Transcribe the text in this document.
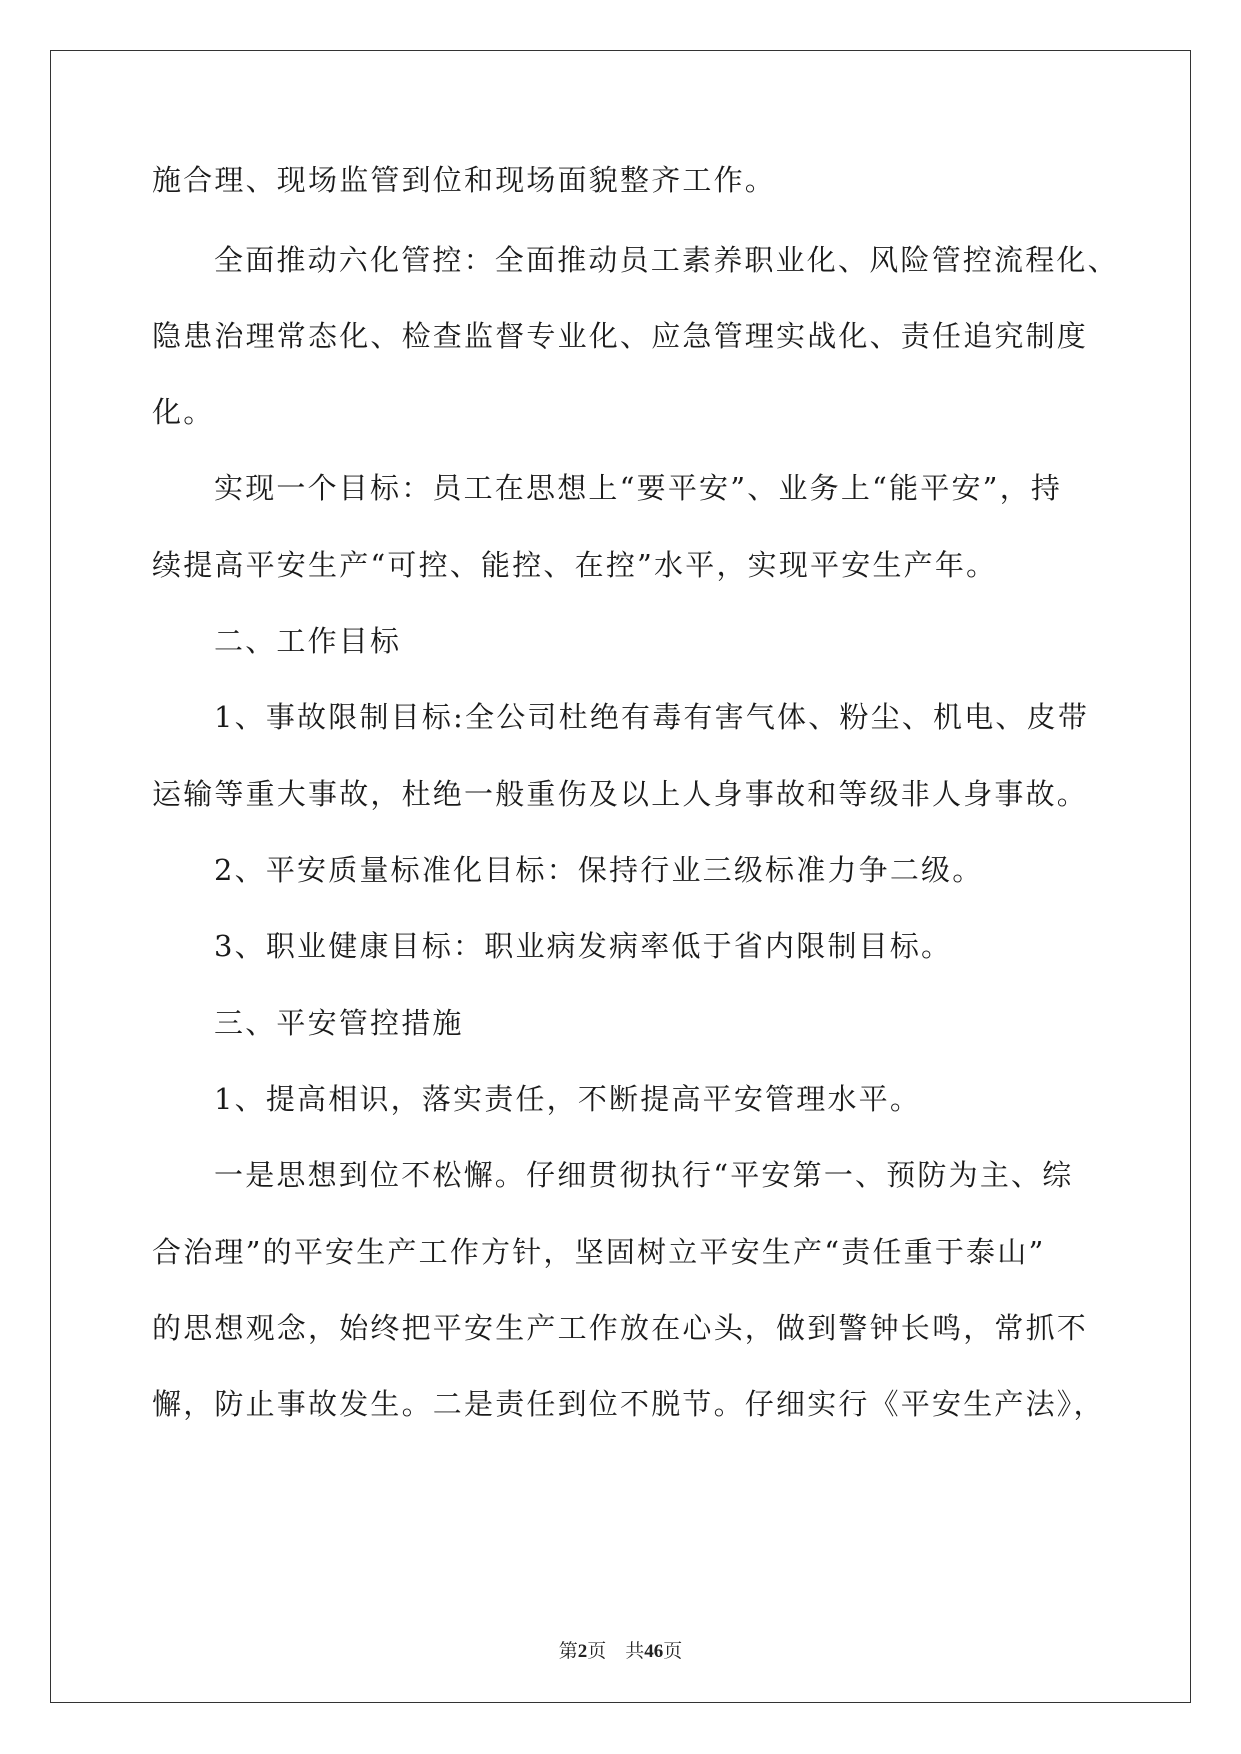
施合理、现场监管到位和现场面貌整齐工作。
全面推动六化管控：全面推动员工素养职业化、风险管控流程化、
隐患治理常态化、检查监督专业化、应急管理实战化、责任追究制度
化。
实现一个目标：员工在思想上“要平安”、业务上“能平安”，持
续提高平安生产“可控、能控、在控”水平，实现平安生产年。
二、工作目标
1、事故限制目标:全公司杜绝有毒有害气体、粉尘、机电、皮带
运输等重大事故，杜绝一般重伤及以上人身事故和等级非人身事故。
2、平安质量标准化目标：保持行业三级标准力争二级。
3、职业健康目标：职业病发病率低于省内限制目标。
三、平安管控措施
1、提高相识，落实责任，不断提高平安管理水平。
一是思想到位不松懈。仔细贯彻执行“平安第一、预防为主、综
合治理”的平安生产工作方针，坚固树立平安生产“责任重于泰山”
的思想观念，始终把平安生产工作放在心头，做到警钟长鸣，常抓不
懈，防止事故发生。二是责任到位不脱节。仔细实行《平安生产法》，
第2页 共46页
